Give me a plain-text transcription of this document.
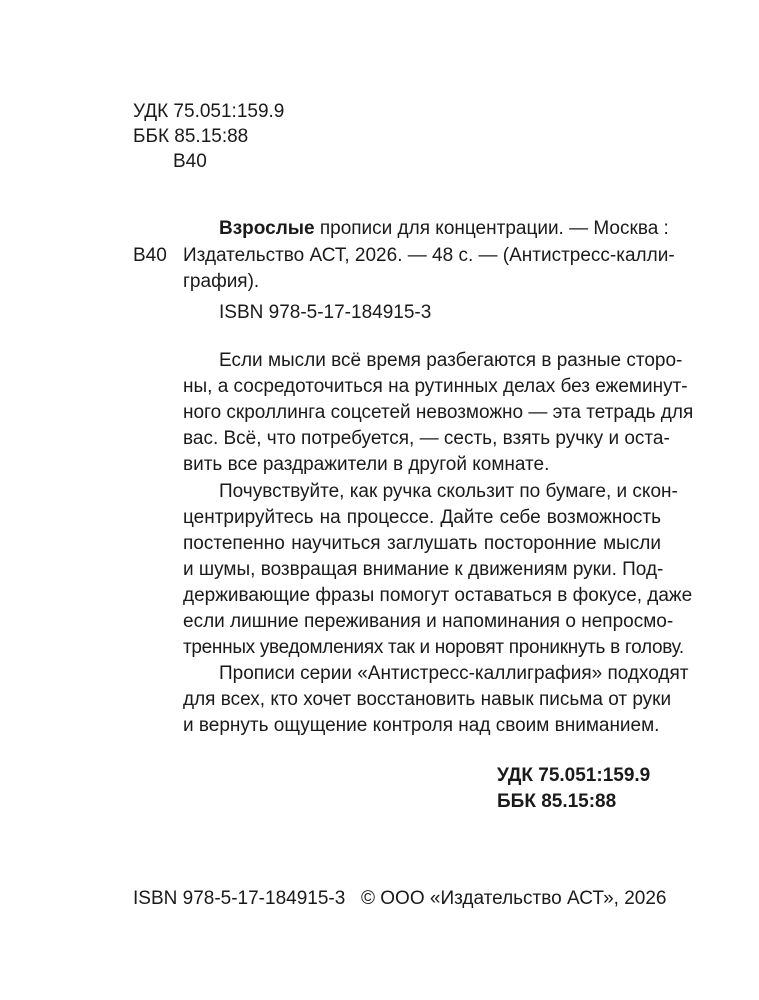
УДК 75.051:159.9
ББК 85.15:88
В40
В40
Взрослые прописи для концентрации. — Москва :
Издательство АСТ, 2026. — 48 с. — (Антистресс-калли-
графия).
ISBN 978-5-17-184915-3
Если мысли всё время разбегаются в разные сторо-
ны, а сосредоточиться на рутинных делах без ежеминут-
ного скроллинга соцсетей невозможно — эта тетрадь для
вас. Всё, что потребуется, — сесть, взять ручку и оста-
вить все раздражители в другой комнате.
Почувствуйте, как ручка скользит по бумаге, и скон-
центрируйтесь на процессе. Дайте себе возможность
постепенно научиться заглушать посторонние мысли
и шумы, возвращая внимание к движениям руки. Под-
держивающие фразы помогут оставаться в фокусе, даже
если лишние переживания и напоминания о непросмо-
тренных уведомлениях так и норовят проникнуть в голову.
Прописи серии «Антистресс-каллиграфия» подходят
для всех, кто хочет восстановить навык письма от руки
и вернуть ощущение контроля над своим вниманием.
УДК 75.051:159.9
ББК 85.15:88
ISBN 978-5-17-184915-3 © ООО «Издательство АСТ», 2026
